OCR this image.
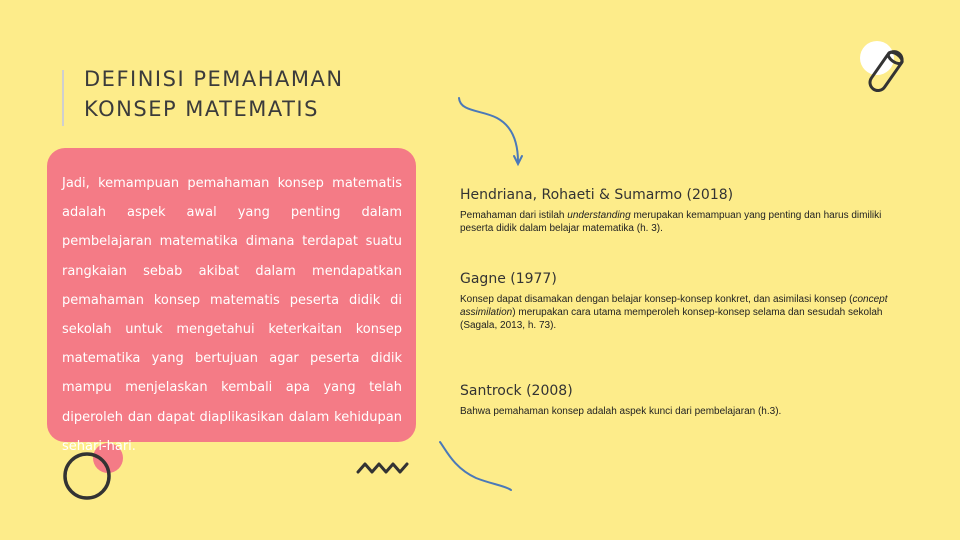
DEFINISI PEMAHAMAN
KONSEP MATEMATIS

Jadi, kemampuan pemahaman konsep matematis adalah aspek awal yang penting dalam pembelajaran matematika dimana terdapat suatu rangkaian sebab akibat dalam mendapatkan pemahaman konsep matematis peserta didik di sekolah untuk mengetahui keterkaitan konsep matematika yang bertujuan agar peserta didik mampu menjelaskan kembali apa yang telah diperoleh dan dapat diaplikasikan dalam kehidupan sehari-hari.

Hendriana, Rohaeti & Sumarmo (2018)

Pemahaman dari istilah understanding merupakan kemampuan yang penting dan harus dimiliki peserta didik dalam belajar matematika (h. 3).

Gagne (1977)

Konsep dapat disamakan dengan belajar konsep-konsep konkret, dan asimilasi konsep (concept assimilation) merupakan cara utama memperoleh konsep-konsep selama dan sesudah sekolah (Sagala, 2013, h. 73).

Santrock (2008)

Bahwa pemahaman konsep adalah aspek kunci dari pembelajaran (h.3).
